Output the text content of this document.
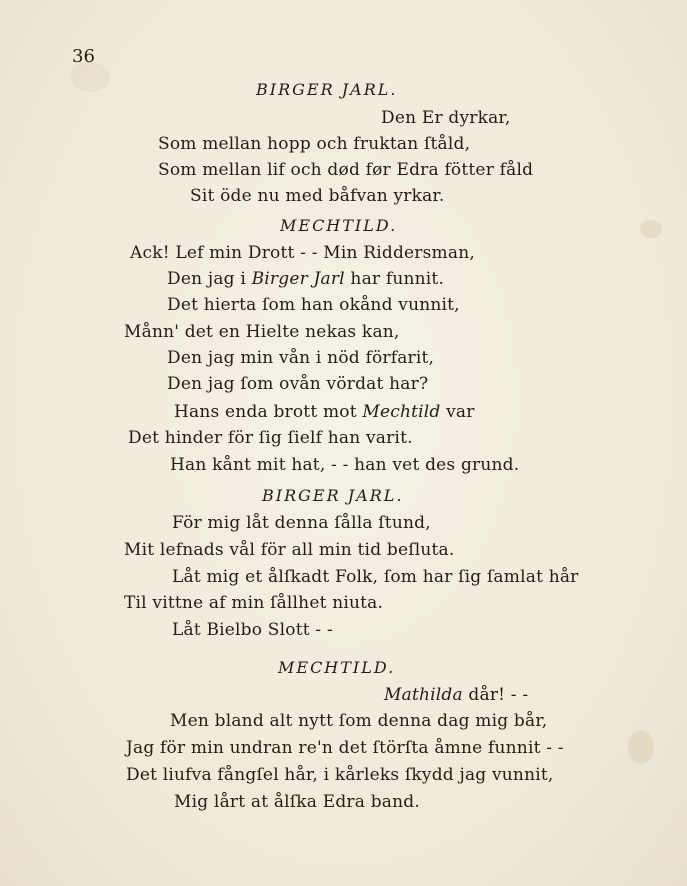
36
BIRGER JARL.
Den Er dyrkar,
Som mellan hopp och fruktan ſtåld,
Som mellan lif och død før Edra fötter fåld
Sit öde nu med båfvan yrkar.
MECHTILD.
Ack! Lef min Drott - - Min Riddersman,
Den jag i Birger Jarl har funnit.
Det hierta ſom han okånd vunnit,
Månn' det en Hielte nekas kan,
Den jag min vån i nöd förfarit,
Den jag ſom ovån vördat har?
Hans enda brott mot Mechtild var
Det hinder för ſig ſielf han varit.
Han kånt mit hat, - - han vet des grund.
BIRGER JARL.
För mig låt denna ſålla ſtund,
Mit lefnads vål för all min tid beſluta.
Låt mig et ålſkadt Folk, ſom har ſig ſamlat hår
Til vittne af min ſållhet niuta.
Låt Bielbo Slott - -
MECHTILD.
Mathilda dår! - -
Men bland alt nytt ſom denna dag mig bår,
Jag för min undran re'n det ſtörſta åmne funnit - -
Det liufva fångſel hår, i kårleks ſkydd jag vunnit,
Mig lårt at ålſka Edra band.
